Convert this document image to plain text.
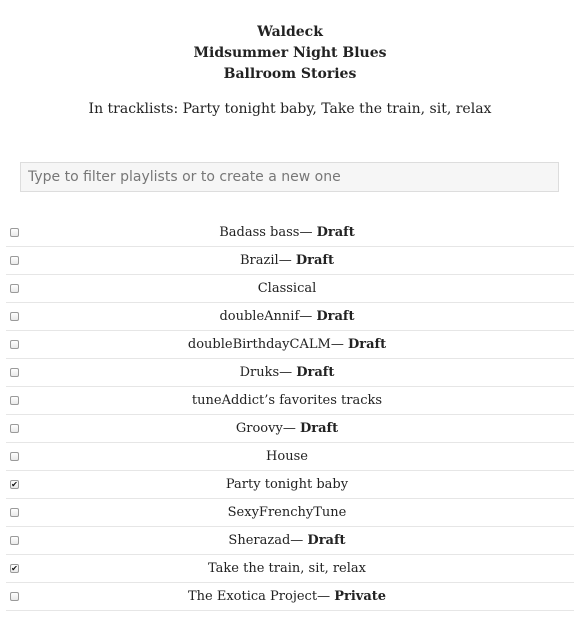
Waldeck
Midsummer Night Blues
Ballroom Stories
In tracklists: Party tonight baby, Take the train, sit, relax
Type to filter playlists or to create a new one
Badass bass— Draft
Brazil— Draft
Classical
doubleAnnif— Draft
doubleBirthdayCALM— Draft
Druks— Draft
tuneAddict’s favorites tracks
Groovy— Draft
House
✔	Party tonight baby
SexyFrenchyTune
Sherazad— Draft
✔	Take the train, sit, relax
The Exotica Project— Private
